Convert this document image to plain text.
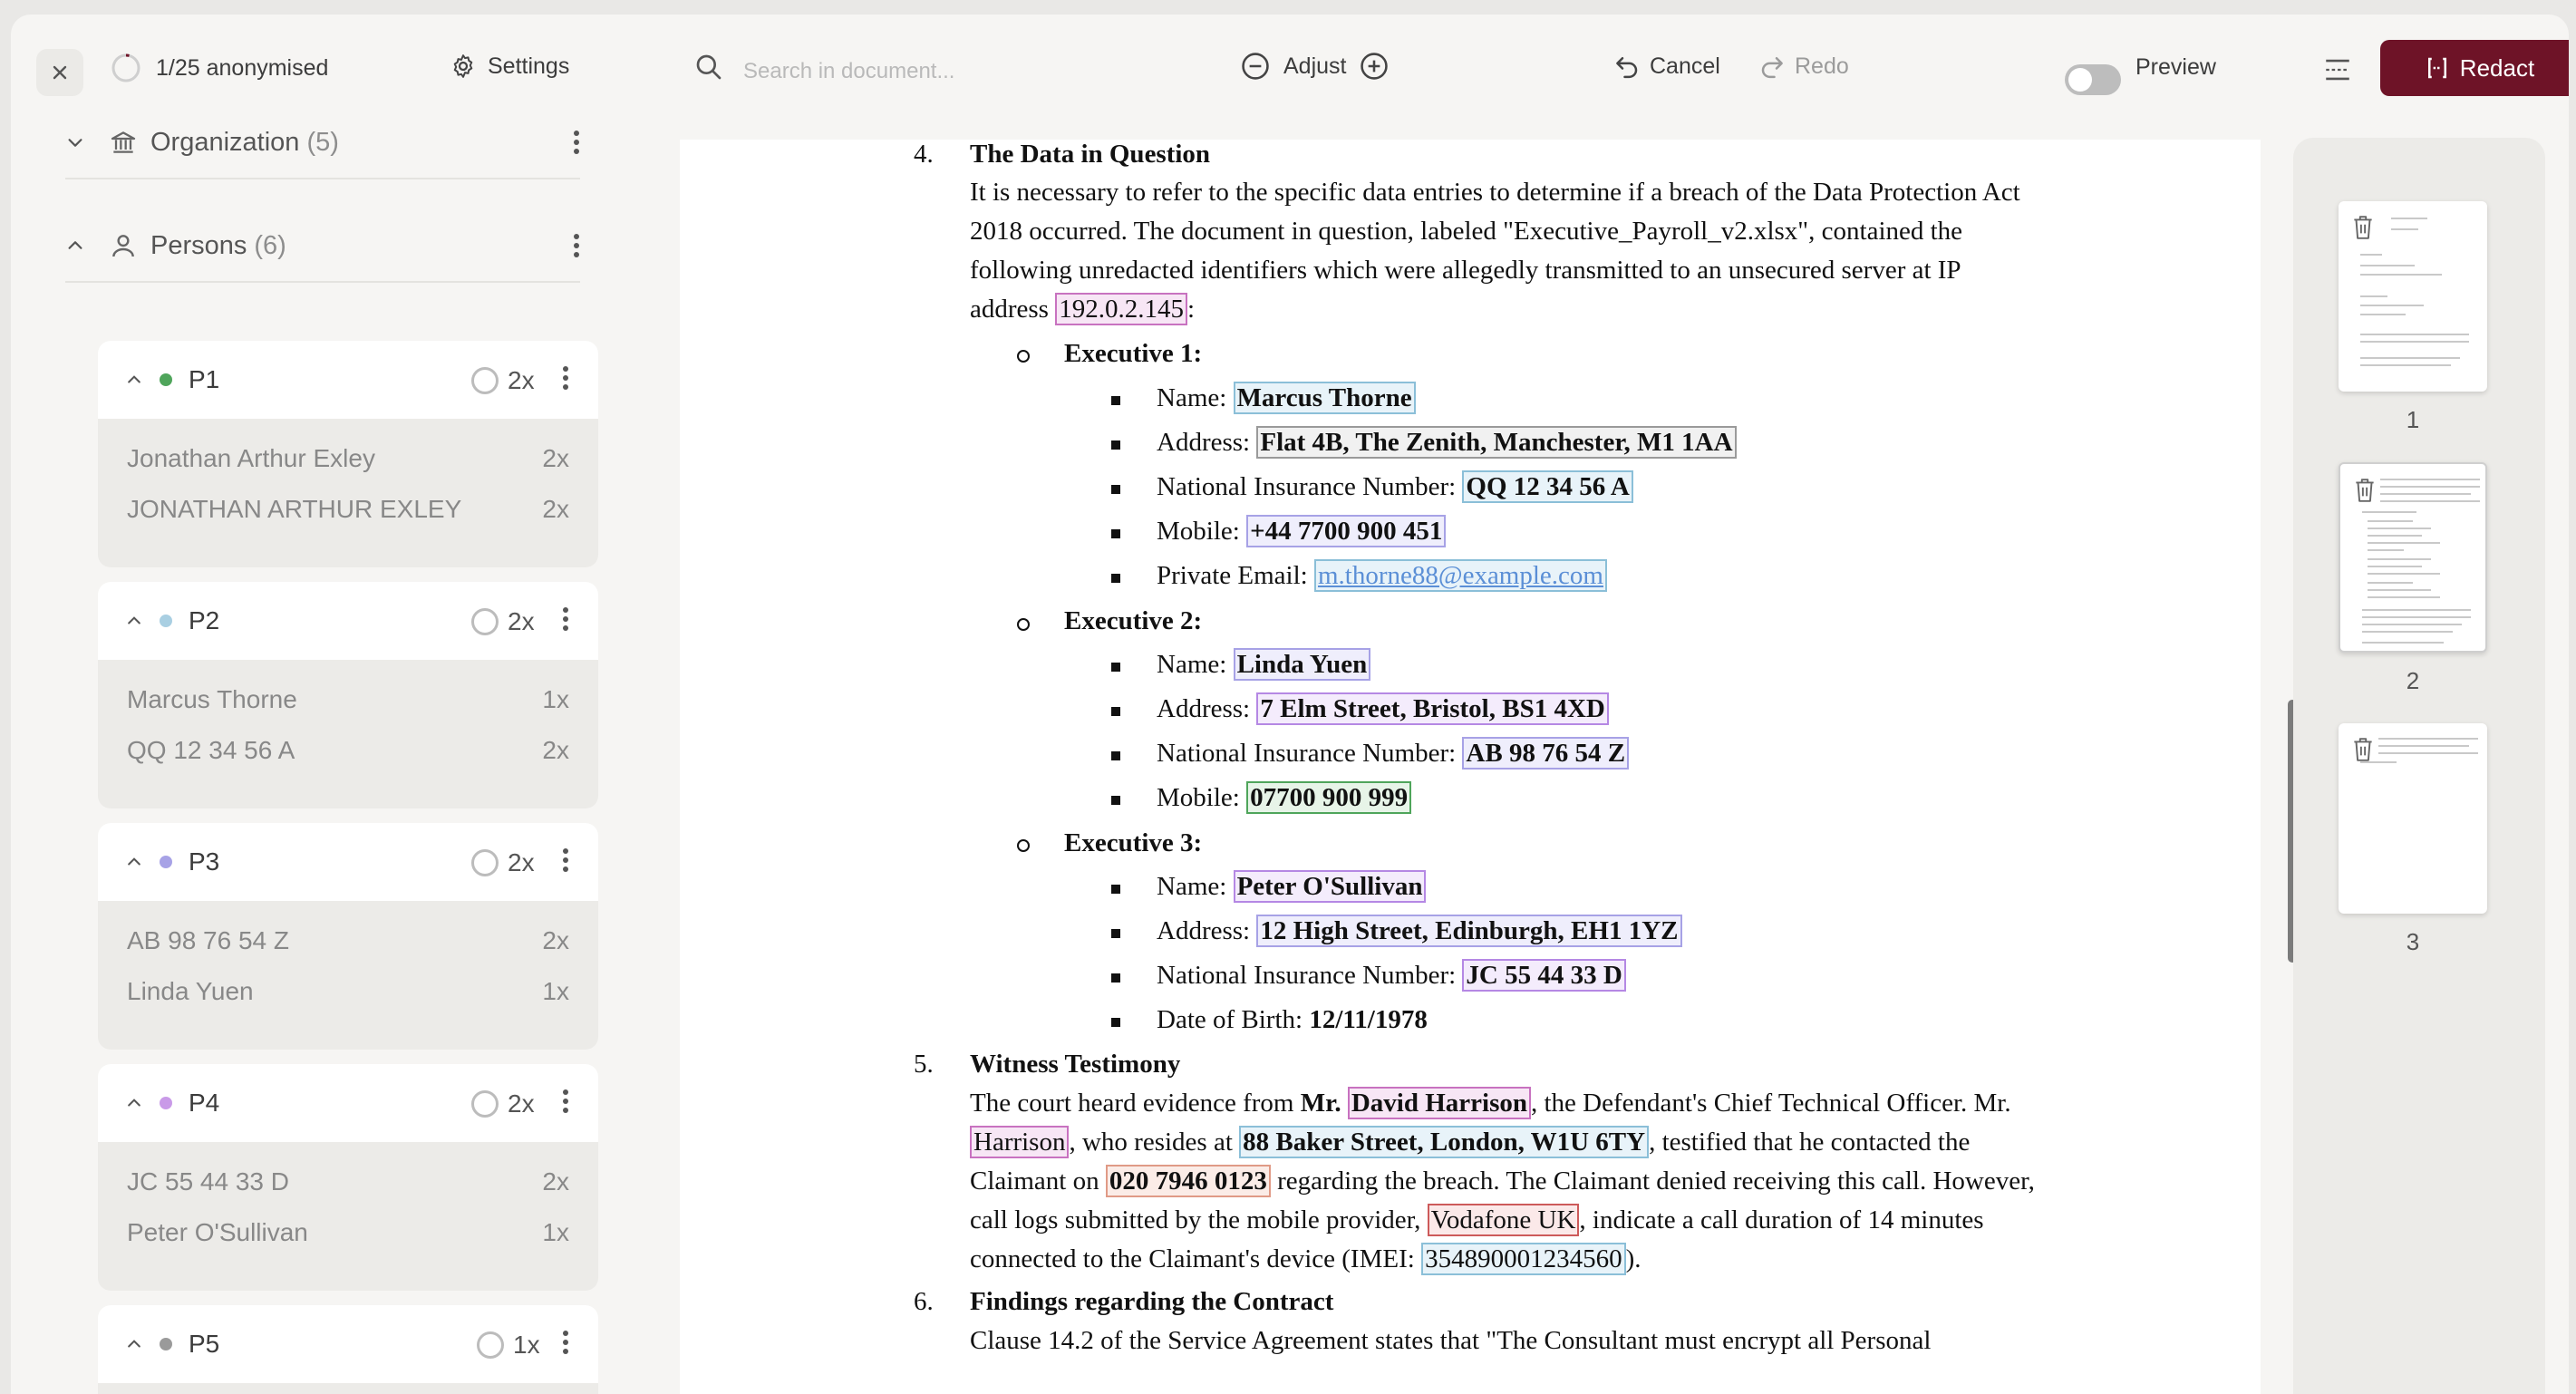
1/25 anonymised	Settings
Search in document...	Adjust	Cancel	Redo	Preview	Redact
Organization (5)
Persons (6)
P1	2x
Jonathan Arthur Exley	2x
JONATHAN ARTHUR EXLEY	2x
P2	2x
Marcus Thorne	1x
QQ 12 34 56 A	2x
P3	2x
AB 98 76 54 Z	2x
Linda Yuen	1x
P4	2x
JC 55 44 33 D	2x
Peter O'Sullivan	1x
P5	1x
4. The Data in Question
It is necessary to refer to the specific data entries to determine if a breach of the Data Protection Act
2018 occurred. The document in question, labeled "Executive_Payroll_v2.xlsx", contained the
following unredacted identifiers which were allegedly transmitted to an unsecured server at IP
address 192.0.2.145 :
Executive 1:
Name: Marcus Thorne
Address: Flat 4B, The Zenith, Manchester, M1 1AA
National Insurance Number: QQ 12 34 56 A
Mobile: +44 7700 900 451
Private Email: m.thorne88@example.com
Executive 2:
Name: Linda Yuen
Address: 7 Elm Street, Bristol, BS1 4XD
National Insurance Number: AB 98 76 54 Z
Mobile: 07700 900 999
Executive 3:
Name: Peter O'Sullivan
Address: 12 High Street, Edinburgh, EH1 1YZ
National Insurance Number: JC 55 44 33 D
Date of Birth: 12/11/1978
5. Witness Testimony
The court heard evidence from Mr. David Harrison , the Defendant's Chief Technical Officer. Mr.
Harrison , who resides at 88 Baker Street, London, W1U 6TY , testified that he contacted the
Claimant on 020 7946 0123 regarding the breach. The Claimant denied receiving this call. However,
call logs submitted by the mobile provider, Vodafone UK , indicate a call duration of 14 minutes
connected to the Claimant's device (IMEI: 354890001234560 ).
6. Findings regarding the Contract
Clause 14.2 of the Service Agreement states that "The Consultant must encrypt all Personal
1
2
3
